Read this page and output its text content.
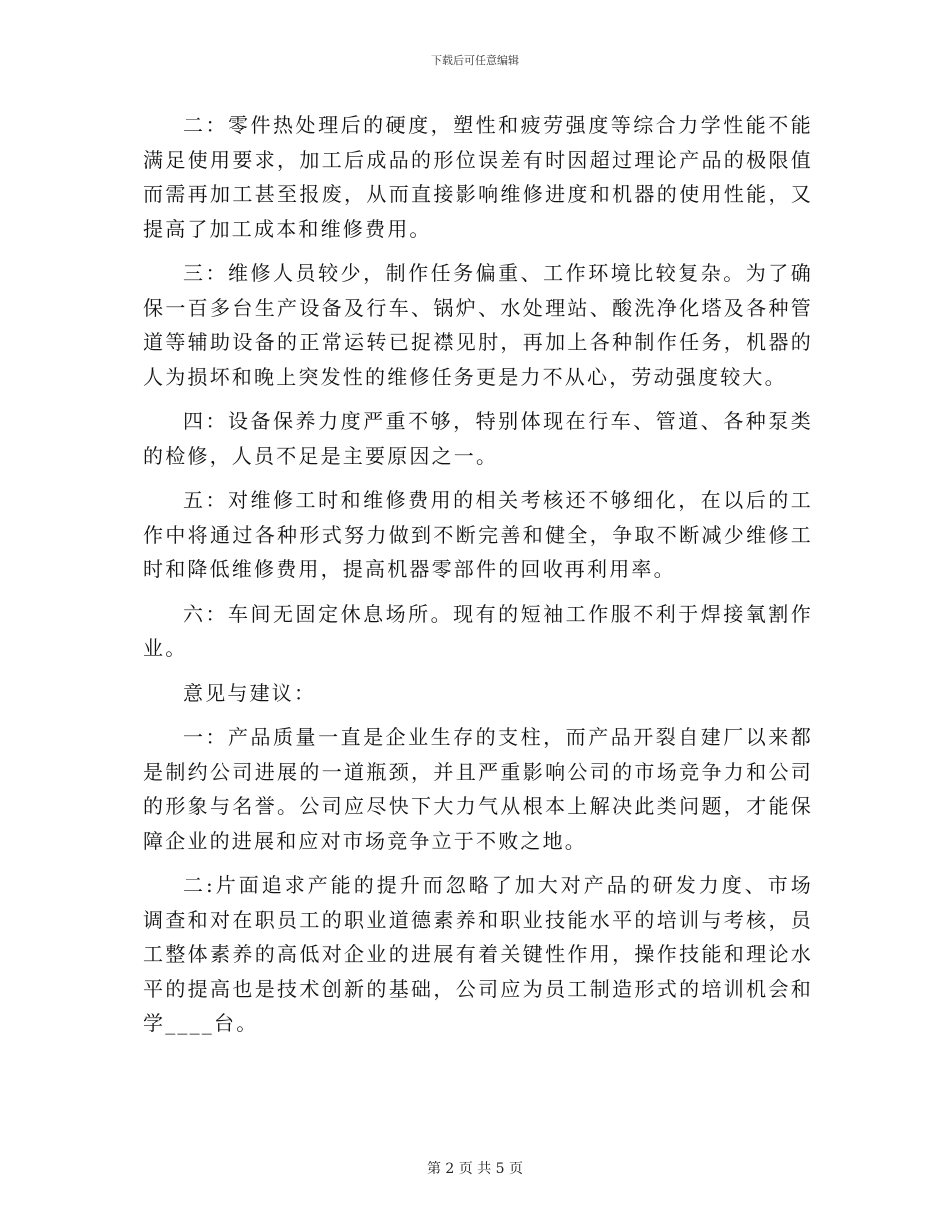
下载后可任意编辑

二：零件热处理后的硬度，塑性和疲劳强度等综合力学性能不能满足使用要求，加工后成品的形位误差有时因超过理论产品的极限值而需再加工甚至报废，从而直接影响维修进度和机器的使用性能，又提高了加工成本和维修费用。

三：维修人员较少，制作任务偏重、工作环境比较复杂。为了确保一百多台生产设备及行车、锅炉、水处理站、酸洗净化塔及各种管道等辅助设备的正常运转已捉襟见肘，再加上各种制作任务，机器的人为损坏和晚上突发性的维修任务更是力不从心，劳动强度较大。

四：设备保养力度严重不够，特别体现在行车、管道、各种泵类的检修，人员不足是主要原因之一。

五：对维修工时和维修费用的相关考核还不够细化，在以后的工作中将通过各种形式努力做到不断完善和健全，争取不断减少维修工时和降低维修费用，提高机器零部件的回收再利用率。

六：车间无固定休息场所。现有的短袖工作服不利于焊接氧割作业。

意见与建议：

一：产品质量一直是企业生存的支柱，而产品开裂自建厂以来都是制约公司进展的一道瓶颈，并且严重影响公司的市场竞争力和公司的形象与名誉。公司应尽快下大力气从根本上解决此类问题，才能保障企业的进展和应对市场竞争立于不败之地。

二:片面追求产能的提升而忽略了加大对产品的研发力度、市场调查和对在职员工的职业道德素养和职业技能水平的培训与考核，员工整体素养的高低对企业的进展有着关键性作用，操作技能和理论水平的提高也是技术创新的基础，公司应为员工制造形式的培训机会和学____台。

第 2 页 共 5 页
